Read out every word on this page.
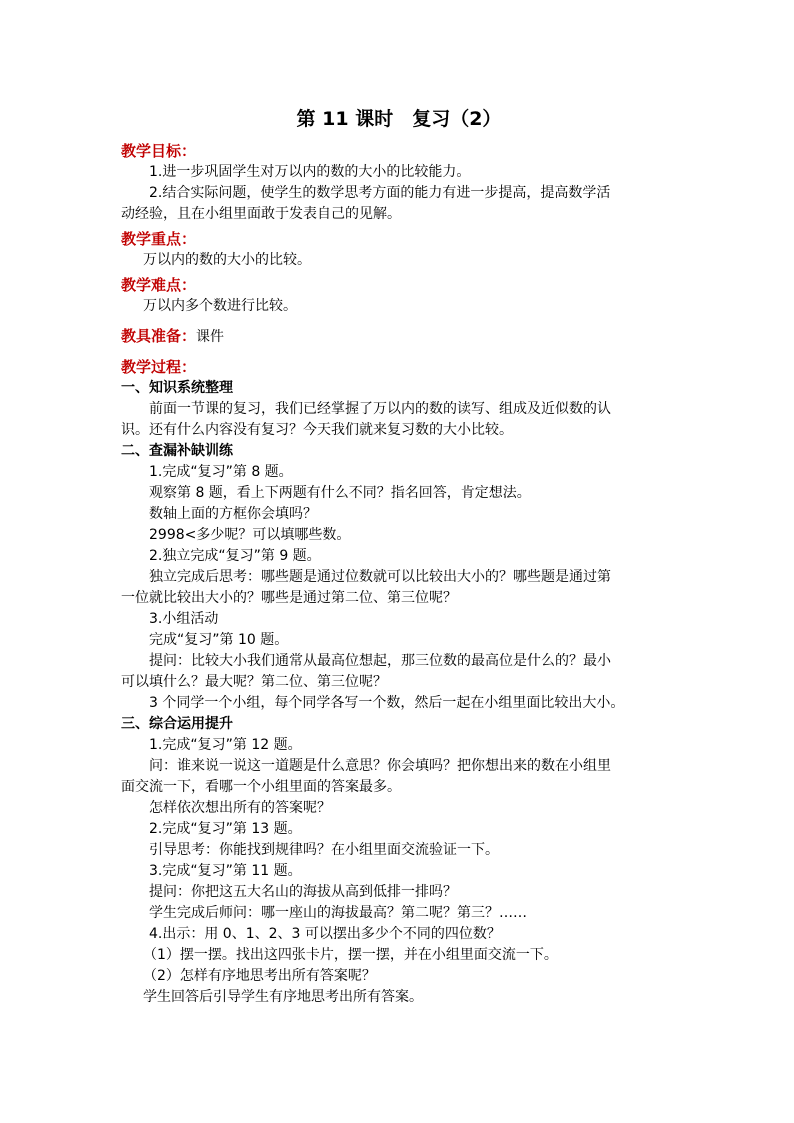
第 11 课时　复习（2）
教学目标：
1.进一步巩固学生对万以内的数的大小的比较能力。
2.结合实际问题，使学生的数学思考方面的能力有进一步提高，提高数学活
动经验，且在小组里面敢于发表自己的见解。
教学重点：
万以内的数的大小的比较。
教学难点：
万以内多个数进行比较。
教具准备：课件
教学过程：
一、知识系统整理
前面一节课的复习，我们已经掌握了万以内的数的读写、组成及近似数的认
识。还有什么内容没有复习？今天我们就来复习数的大小比较。
二、查漏补缺训练
1.完成“复习”第 8 题。
观察第 8 题，看上下两题有什么不同？指名回答，肯定想法。
数轴上面的方框你会填吗？
2998<多少呢？可以填哪些数。
2.独立完成“复习”第 9 题。
独立完成后思考：哪些题是通过位数就可以比较出大小的？哪些题是通过第
一位就比较出大小的？哪些是通过第二位、第三位呢？
3.小组活动
完成“复习”第 10 题。
提问：比较大小我们通常从最高位想起，那三位数的最高位是什么的？最小
可以填什么？最大呢？第二位、第三位呢？
3 个同学一个小组，每个同学各写一个数，然后一起在小组里面比较出大小。
三、综合运用提升
1.完成“复习”第 12 题。
问：谁来说一说这一道题是什么意思？你会填吗？把你想出来的数在小组里
面交流一下，看哪一个小组里面的答案最多。
怎样依次想出所有的答案呢？
2.完成“复习”第 13 题。
引导思考：你能找到规律吗？在小组里面交流验证一下。
3.完成“复习”第 11 题。
提问：你把这五大名山的海拔从高到低排一排吗？
学生完成后师问：哪一座山的海拔最高？第二呢？第三？……
4.出示：用 0、1、2、3 可以摆出多少个不同的四位数？
（1）摆一摆。找出这四张卡片，摆一摆，并在小组里面交流一下。
（2）怎样有序地思考出所有答案呢？
学生回答后引导学生有序地思考出所有答案。
